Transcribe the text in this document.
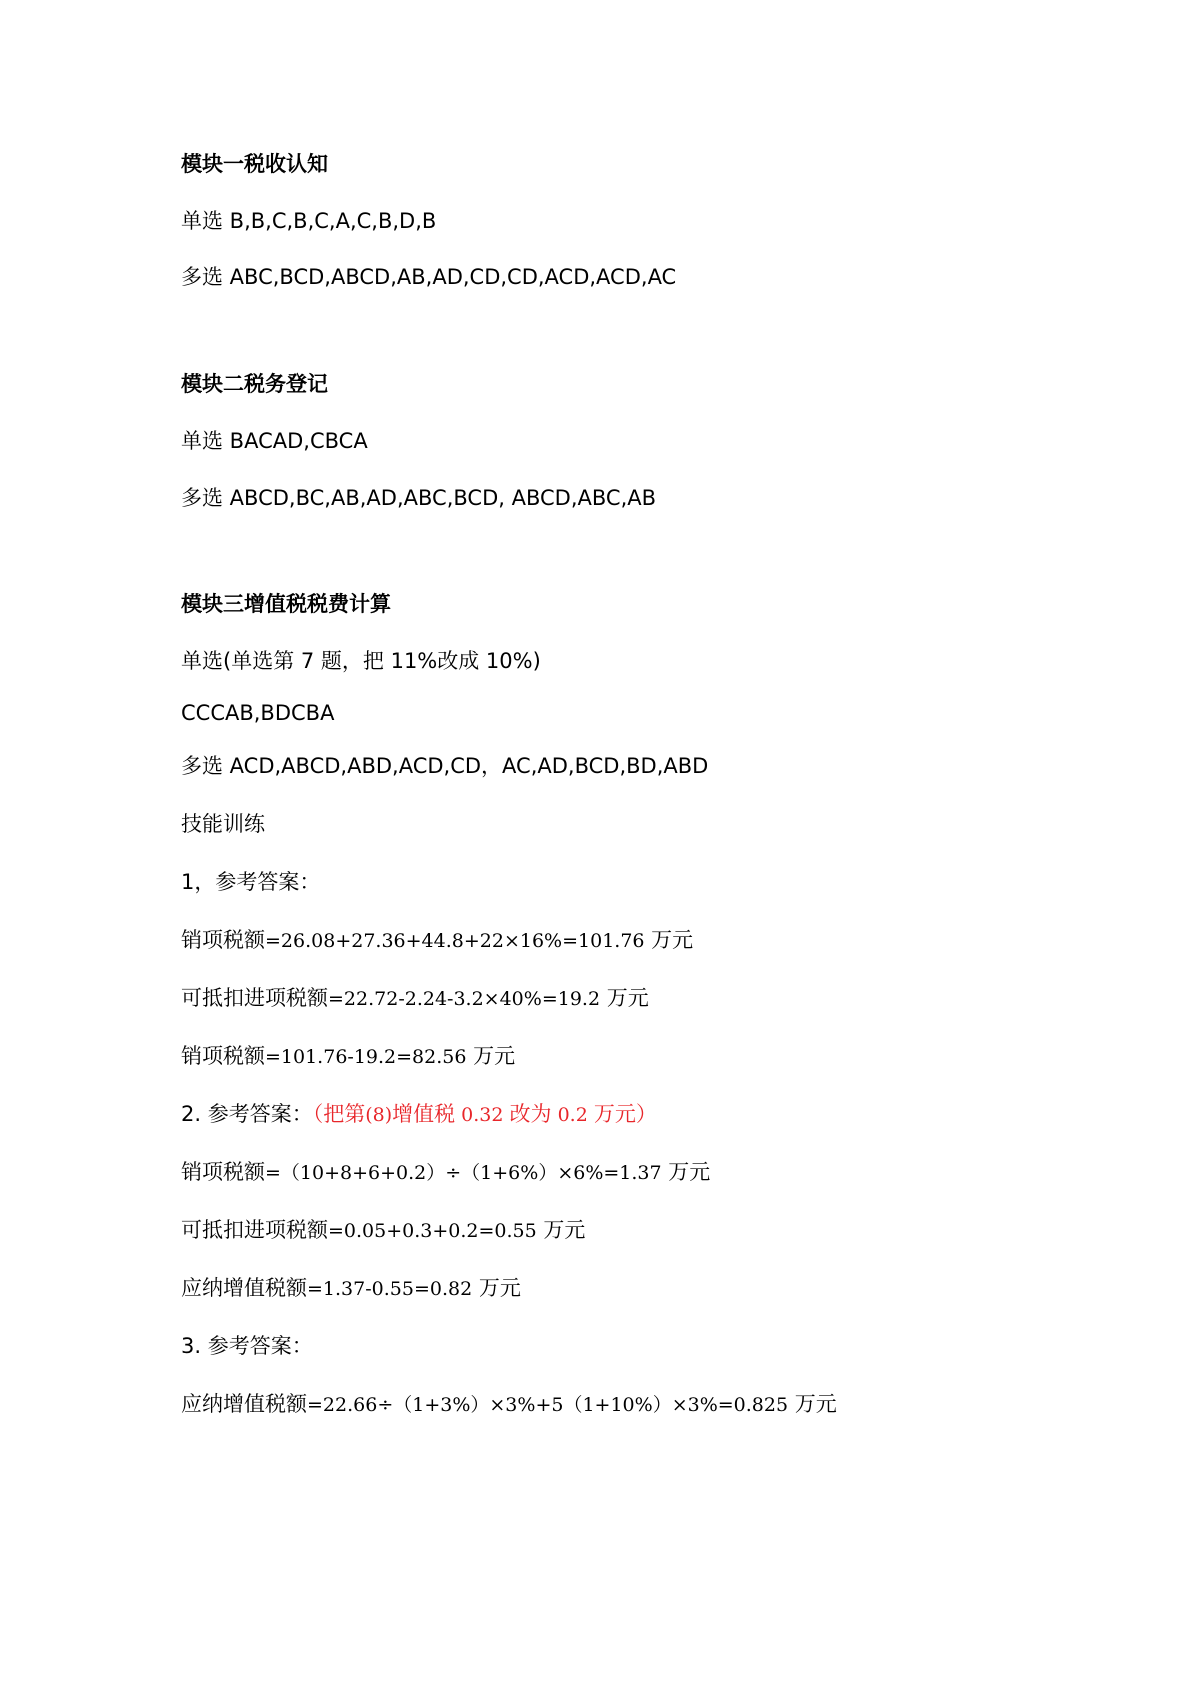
模块一税收认知
单选 B,B,C,B,C,A,C,B,D,B
多选 ABC,BCD,ABCD,AB,AD,CD,CD,ACD,ACD,AC
模块二税务登记
单选 BACAD,CBCA
多选 ABCD,BC,AB,AD,ABC,BCD, ABCD,ABC,AB
模块三增值税税费计算
单选(单选第 7 题，把 11%改成 10%)
CCCAB,BDCBA
多选 ACD,ABCD,ABD,ACD,CD，AC,AD,BCD,BD,ABD
技能训练
1，参考答案：
销项税额=26.08+27.36+44.8+22×16%=101.76 万元
可抵扣进项税额=22.72-2.24-3.2×40%=19.2 万元
销项税额=101.76-19.2=82.56 万元
2. 参考答案：（把第(8)增值税 0.32 改为 0.2 万元）
销项税额=（10+8+6+0.2）÷（1+6%）×6%=1.37 万元
可抵扣进项税额=0.05+0.3+0.2=0.55 万元
应纳增值税额=1.37-0.55=0.82 万元
3. 参考答案：
应纳增值税额=22.66÷（1+3%）×3%+5（1+10%）×3%=0.825 万元
